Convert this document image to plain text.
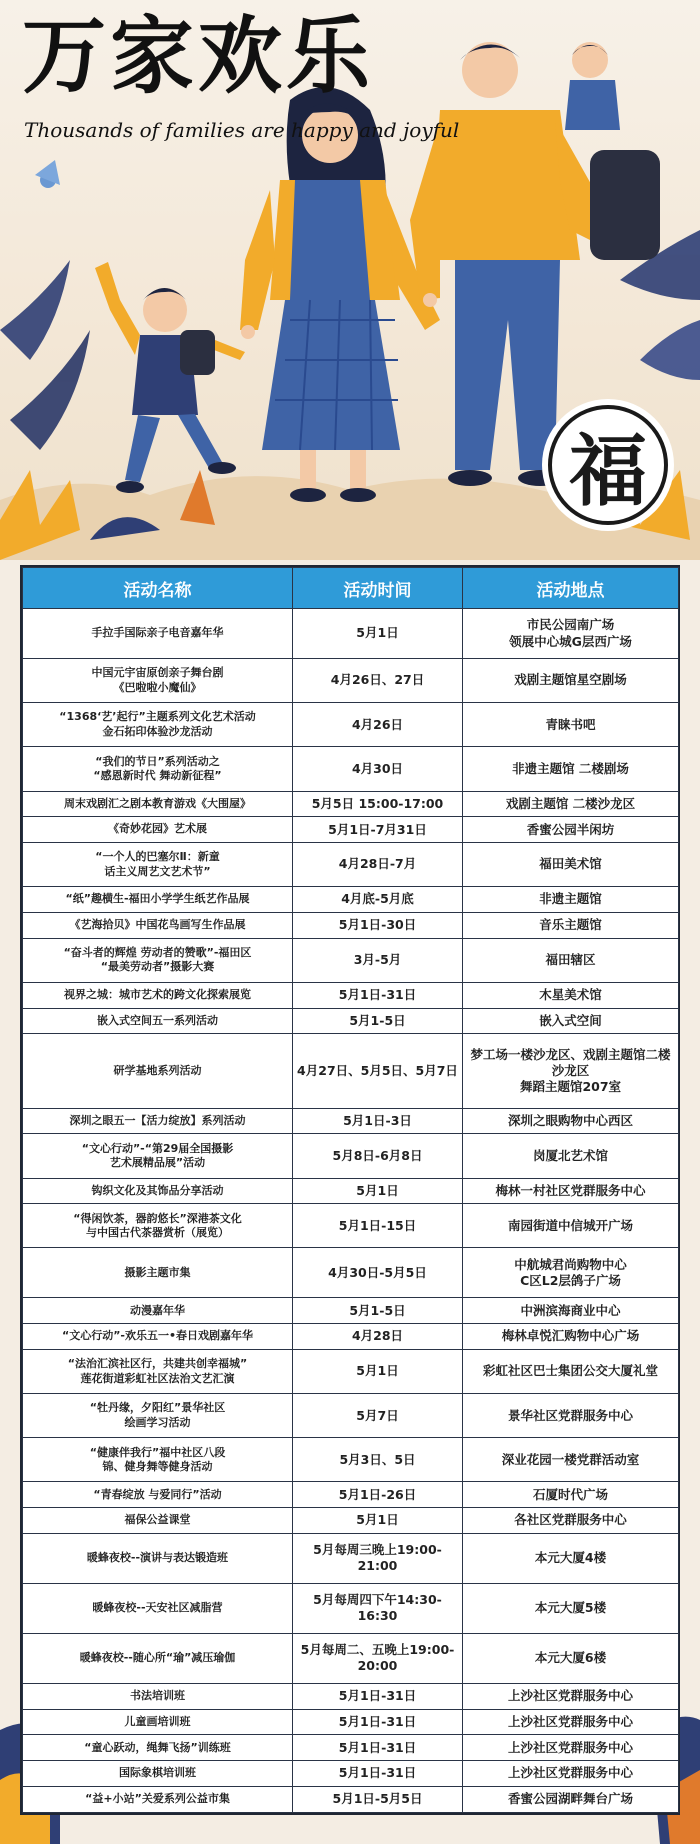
万家欢乐
Thousands of families are happy and joyful
福
活动名称	活动时间	活动地点
手拉手国际亲子电音嘉年华	5月1日	市民公园南广场
领展中心城G层西广场
中国元宇宙原创亲子舞台剧
《巴啦啦小魔仙》	4月26日、27日	戏剧主题馆星空剧场
“1368‘艺’起行”主题系列文化艺术活动
金石拓印体验沙龙活动	4月26日	青睐书吧
“我们的节日”系列活动之
“感恩新时代 舞动新征程”	4月30日	非遗主题馆 二楼剧场
周末戏剧汇之剧本教育游戏《大围屋》	5月5日 15:00-17:00	戏剧主题馆 二楼沙龙区
《奇妙花园》艺术展	5月1日-7月31日	香蜜公园半闲坊
“一个人的巴塞尔Ⅱ：新童
话主义周艺文艺术节”	4月28日-7月	福田美术馆
“纸”趣横生-福田小学学生纸艺作品展	4月底-5月底	非遗主题馆
《艺海拾贝》中国花鸟画写生作品展	5月1日-30日	音乐主题馆
“奋斗者的辉煌 劳动者的赞歌”-福田区
“最美劳动者”摄影大赛	3月-5月	福田辖区
视界之城：城市艺术的跨文化探索展览	5月1日-31日	木星美术馆
嵌入式空间五一系列活动	5月1-5日	嵌入式空间
研学基地系列活动	4月27日、5月5日、5月7日	梦工场一楼沙龙区、戏剧主题馆二楼沙龙区
舞蹈主题馆207室
深圳之眼五一【活力绽放】系列活动	5月1日-3日	深圳之眼购物中心西区
“文心行动”-“第29届全国摄影
艺术展精品展”活动	5月8日-6月8日	岗厦北艺术馆
钩织文化及其饰品分享活动	5月1日	梅林一村社区党群服务中心
“得闲饮茶，器韵悠长”深港茶文化
与中国古代茶器赏析（展览）	5月1日-15日	南园街道中信城开广场
摄影主题市集	4月30日-5月5日	中航城君尚购物中心
C区L2层鸽子广场
动漫嘉年华	5月1-5日	中洲滨海商业中心
“文心行动”-欢乐五一•春日戏剧嘉年华	4月28日	梅林卓悦汇购物中心广场
“法治汇滨社区行，共建共创幸福城”
莲花街道彩虹社区法治文艺汇演	5月1日	彩虹社区巴士集团公交大厦礼堂
“牡丹缘，夕阳红”景华社区
绘画学习活动	5月7日	景华社区党群服务中心
“健康伴我行”福中社区八段
锦、健身舞等健身活动	5月3日、5日	深业花园一楼党群活动室
“青春绽放 与爱同行”活动	5月1日-26日	石厦时代广场
福保公益课堂	5月1日	各社区党群服务中心
暖蜂夜校--演讲与表达锻造班	5月每周三晚上19:00-21:00	本元大厦4楼
暖蜂夜校--天安社区减脂营	5月每周四下午14:30-16:30	本元大厦5楼
暖蜂夜校--随心所“瑜”减压瑜伽	5月每周二、五晚上19:00-20:00	本元大厦6楼
书法培训班	5月1日-31日	上沙社区党群服务中心
儿童画培训班	5月1日-31日	上沙社区党群服务中心
“童心跃动，绳舞飞扬”训练班	5月1日-31日	上沙社区党群服务中心
国际象棋培训班	5月1日-31日	上沙社区党群服务中心
“益+小站”关爱系列公益市集	5月1日-5月5日	香蜜公园湖畔舞台广场
